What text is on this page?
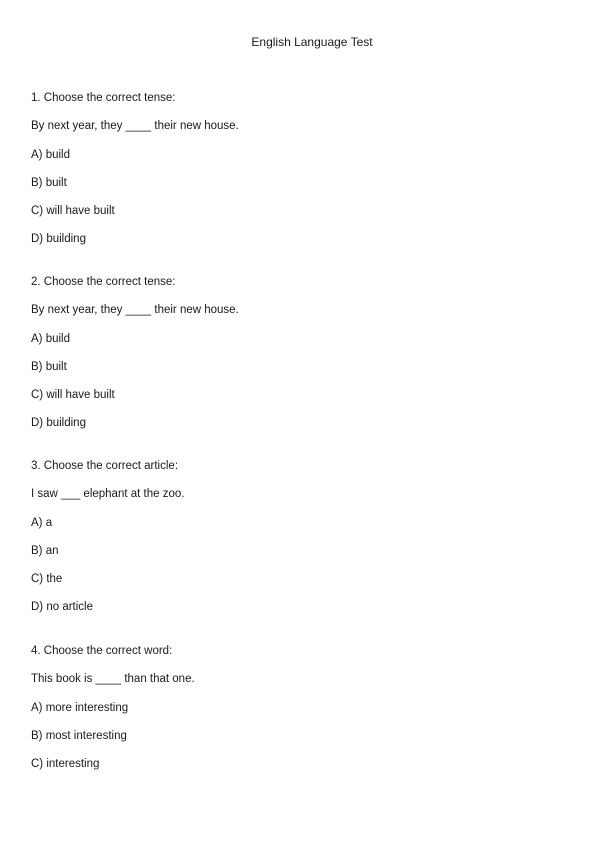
English Language Test
1. Choose the correct tense:
By next year, they ____ their new house.
A) build
B) built
C) will have built
D) building
2. Choose the correct tense:
By next year, they ____ their new house.
A) build
B) built
C) will have built
D) building
3. Choose the correct article:
I saw ___ elephant at the zoo.
A) a
B) an
C) the
D) no article
4. Choose the correct word:
This book is ____ than that one.
A) more interesting
B) most interesting
C) interesting
